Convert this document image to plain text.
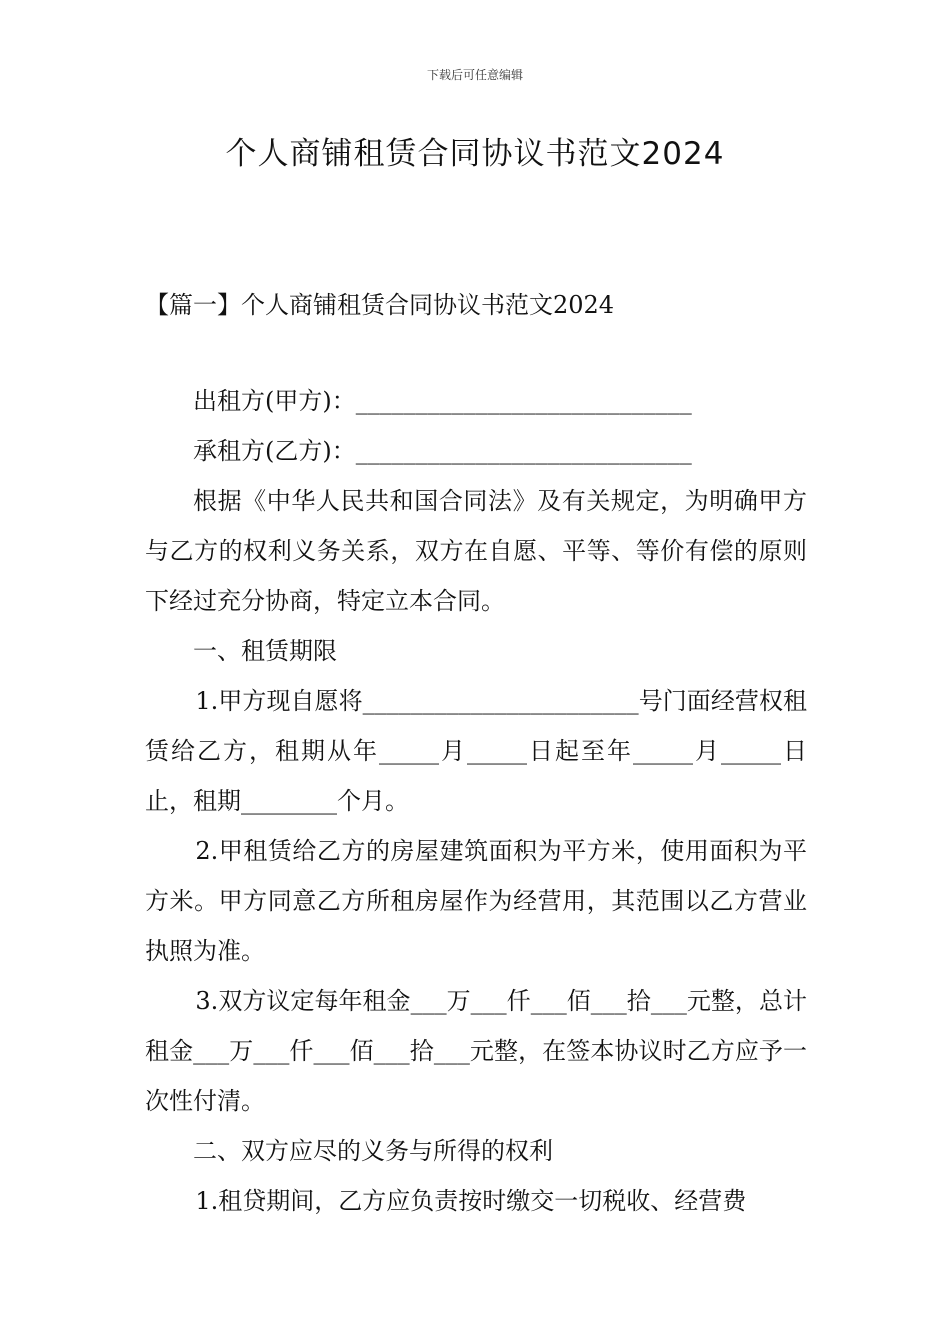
下载后可任意编辑
个人商铺租赁合同协议书范文2024
【篇一】个人商铺租赁合同协议书范文2024

出租方(甲方)：____________________________

承租方(乙方)：____________________________

根据《中华人民共和国合同法》及有关规定，为明确甲方与乙方的权利义务关系，双方在自愿、平等、等价有偿的原则下经过充分协商，特定立本合同。

一、租赁期限

1.甲方现自愿将_______________________号门面经营权租赁给乙方，租期从年_____月_____日起至年_____月_____日止，租期________个月。

2.甲租赁给乙方的房屋建筑面积为平方米，使用面积为平方米。甲方同意乙方所租房屋作为经营用，其范围以乙方营业执照为准。

3.双方议定每年租金___万___仟___佰___拾___元整，总计租金___万___仟___佰___拾___元整，在签本协议时乙方应予一次性付清。

二、双方应尽的义务与所得的权利

1.租贷期间，乙方应负责按时缴交一切税收、经营费
